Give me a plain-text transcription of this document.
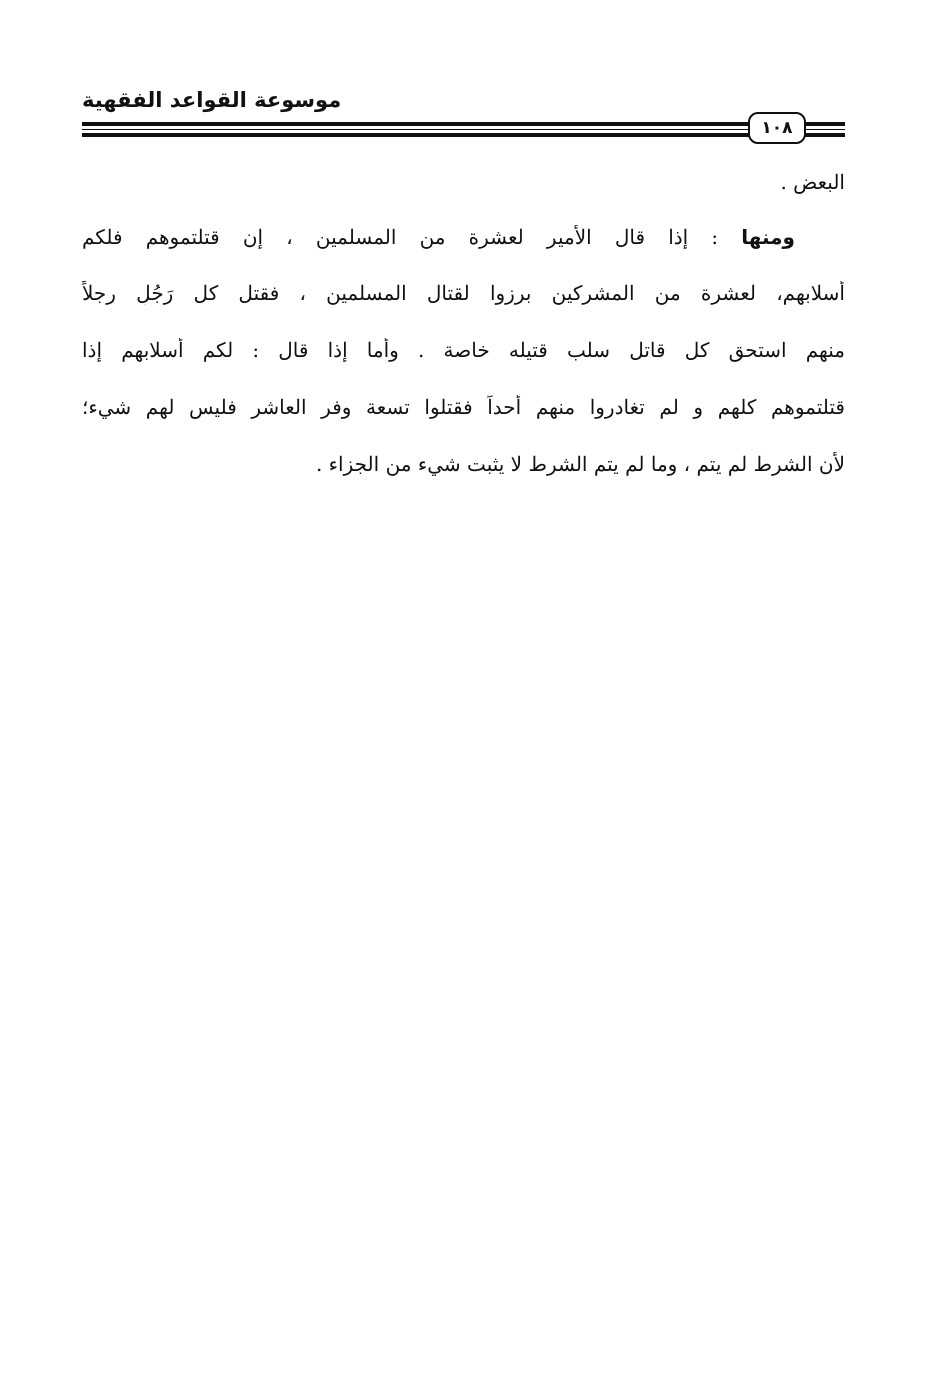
موسوعة القواعد الفقهية
١٠٨
البعض .
ومنها : إذا قال الأمير لعشرة من المسلمين ، إن قتلتموهم فلكم
أسلابهم، لعشرة من المشركين برزوا لقتال المسلمين ، فقتل كل رَجُلٍ رجلاً
منهم استحق كل قاتل سلب قتيله خاصة . وأما إذا قال : لكم أسلابهم إذا
قتلتموهم كلهم و لم تغادروا منهم أحداً فقتلوا تسعة وفر العاشر فليس لهم شيء؛
لأن الشرط لم يتم ، وما لم يتم الشرط لا يثبت شيء من الجزاء .
